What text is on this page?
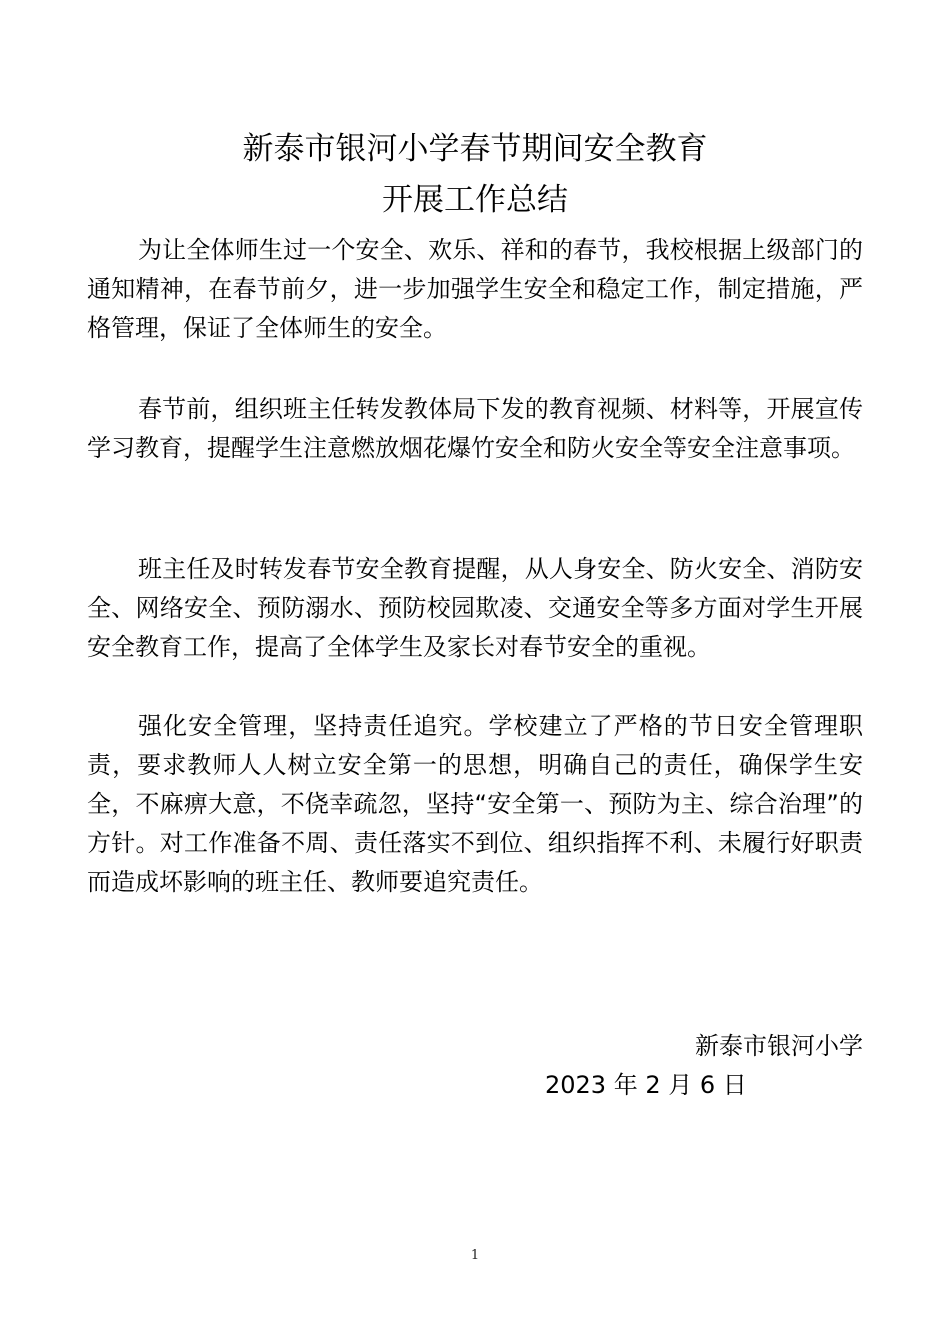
新泰市银河小学春节期间安全教育
开展工作总结

为让全体师生过一个安全、欢乐、祥和的春节，我校根据上级部门的通知精神，在春节前夕，进一步加强学生安全和稳定工作，制定措施，严格管理，保证了全体师生的安全。

春节前，组织班主任转发教体局下发的教育视频、材料等，开展宣传学习教育，提醒学生注意燃放烟花爆竹安全和防火安全等安全注意事项。

班主任及时转发春节安全教育提醒，从人身安全、防火安全、消防安全、网络安全、预防溺水、预防校园欺凌、交通安全等多方面对学生开展安全教育工作，提高了全体学生及家长对春节安全的重视。

强化安全管理，坚持责任追究。学校建立了严格的节日安全管理职责，要求教师人人树立安全第一的思想，明确自己的责任，确保学生安全，不麻痹大意，不侥幸疏忽，坚持“安全第一、预防为主、综合治理”的方针。对工作准备不周、责任落实不到位、组织指挥不利、未履行好职责而造成坏影响的班主任、教师要追究责任。

新泰市银河小学
2023 年 2 月 6 日
1
